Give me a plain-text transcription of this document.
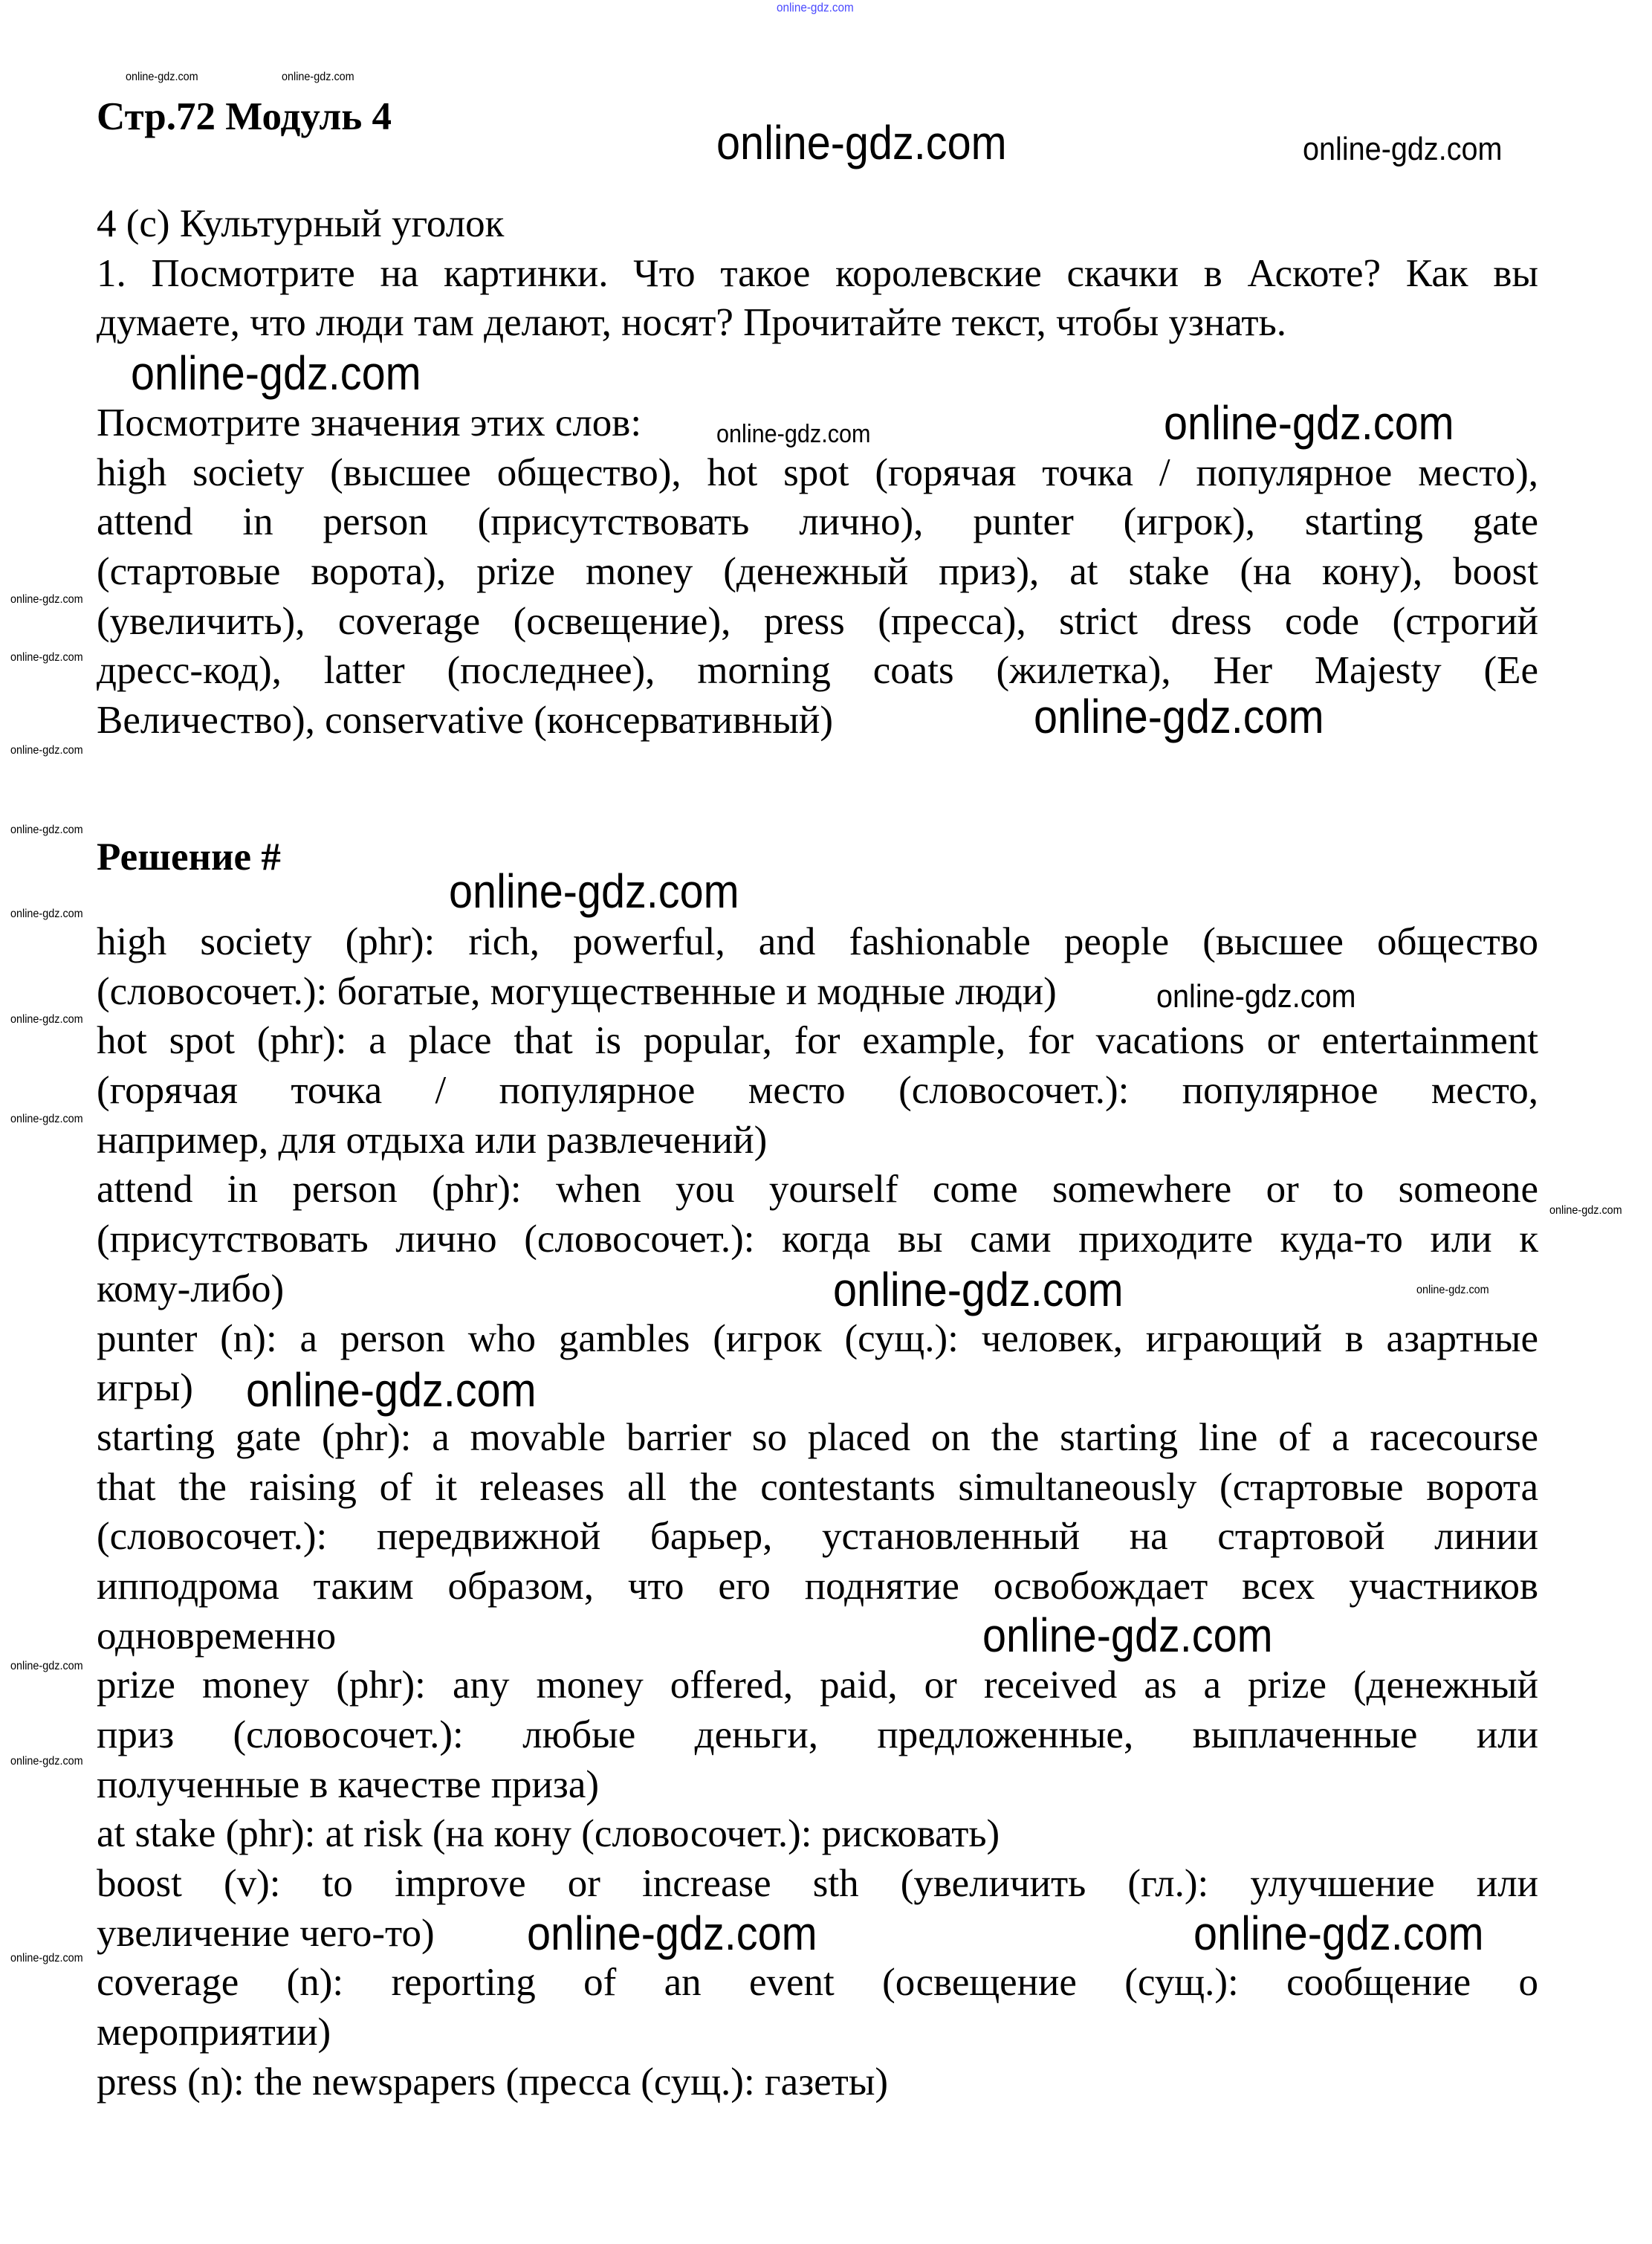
Стр.72 Модуль 4
4 (c) Культурный уголок
1. Посмотрите на картинки. Что такое королевские скачки в Аскоте? Как вы
думаете, что люди там делают, носят? Прочитайте текст, чтобы узнать.
Посмотрите значения этих слов:
high society (высшее общество), hot spot (горячая точка / популярное место),
attend in person (присутствовать лично), punter (игрок), starting gate
(стартовые ворота), prize money (денежный приз), at stake (на кону), boost
(увеличить), coverage (освещение), press (пресса), strict dress code (строгий
дресс-код), latter (последнее), morning coats (жилетка), Her Majesty (Ее
Величество), conservative (консервативный)
Решение #
high society (phr): rich, powerful, and fashionable people (высшее общество
(словосочет.): богатые, могущественные и модные люди)
hot spot (phr): a place that is popular, for example, for vacations or entertainment
(горячая точка / популярное место (словосочет.): популярное место,
например, для отдыха или развлечений)
attend in person (phr): when you yourself come somewhere or to someone
(присутствовать лично (словосочет.): когда вы сами приходите куда-то или к
кому-либо)
punter (n): a person who gambles (игрок (сущ.): человек, играющий в азартные
игры)
starting gate (phr): a movable barrier so placed on the starting line of a racecourse
that the raising of it releases all the contestants simultaneously (стартовые ворота
(словосочет.): передвижной барьер, установленный на стартовой линии
ипподрома таким образом, что его поднятие освобождает всех участников
одновременно
prize money (phr): any money offered, paid, or received as a prize (денежный
приз (словосочет.): любые деньги, предложенные, выплаченные или
полученные в качестве приза)
at stake (phr): at risk (на кону (словосочет.): рисковать)
boost (v): to improve or increase sth (увеличить (гл.): улучшение или
увеличение чего-то)
coverage (n): reporting of an event (освещение (сущ.): сообщение о
мероприятии)
press (n): the newspapers (пресса (сущ.): газеты)
online-gdz.com
online-gdz.com	online-gdz.com
online-gdz.com	online-gdz.com
online-gdz.com
online-gdz.com	online-gdz.com
online-gdz.com
online-gdz.com
online-gdz.com
online-gdz.com
online-gdz.com
online-gdz.com
online-gdz.com
online-gdz.com
online-gdz.com
online-gdz.com
online-gdz.com
online-gdz.com
online-gdz.com
online-gdz.com
online-gdz.com
online-gdz.com
online-gdz.com
online-gdz.com	online-gdz.com
online-gdz.com
